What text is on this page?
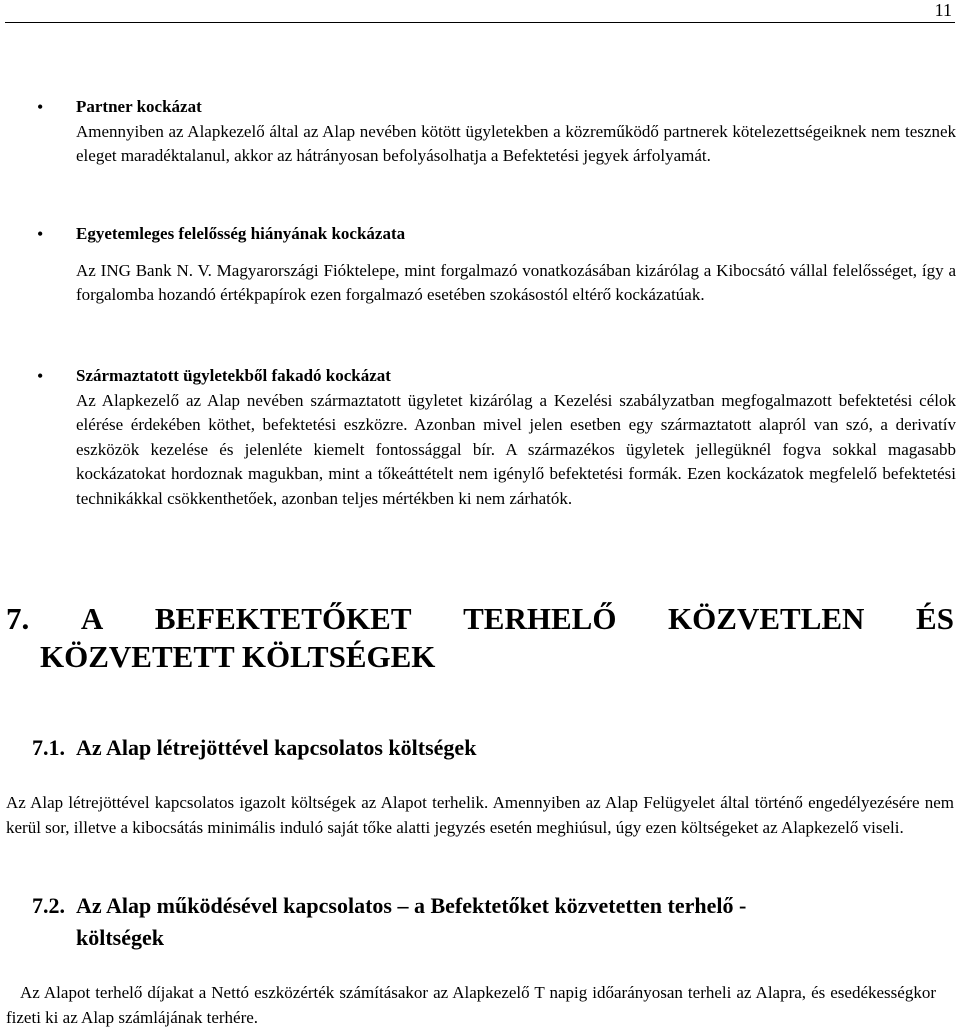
11
• Partner kockázat

Amennyiben az Alapkezelő által az Alap nevében kötött ügyletekben a közreműködő partnerek kötelezettségeiknek nem tesznek eleget maradéktalanul, akkor az hátrányosan befolyásolhatja a Befektetési jegyek árfolyamát.

• Egyetemleges felelősség hiányának kockázata

Az ING Bank N. V. Magyarországi Fióktelepe, mint forgalmazó vonatkozásában kizárólag a Kibocsátó vállal felelősséget, így a forgalomba hozandó értékpapírok ezen forgalmazó esetében szokásostól eltérő kockázatúak.

• Származtatott ügyletekből fakadó kockázat

Az Alapkezelő az Alap nevében származtatott ügyletet kizárólag a Kezelési szabályzatban megfogalmazott befektetési célok elérése érdekében köthet, befektetési eszközre. Azonban mivel jelen esetben egy származtatott alapról van szó, a derivatív eszközök kezelése és jelenléte kiemelt fontossággal bír. A származékos ügyletek jellegüknél fogva sokkal magasabb kockázatokat hordoznak magukban, mint a tőkeáttételt nem igénylő befektetési formák. Ezen kockázatok megfelelő befektetési technikákkal csökkenthetőek, azonban teljes mértékben ki nem zárhatók.

7. A BEFEKTETŐKET TERHELŐ KÖZVETLEN ÉS
KÖZVETETT KÖLTSÉGEK
7.1. Az Alap létrejöttével kapcsolatos költségek

Az Alap létrejöttével kapcsolatos igazolt költségek az Alapot terhelik. Amennyiben az Alap Felügyelet által történő engedélyezésére nem kerül sor, illetve a kibocsátás minimális induló saját tőke alatti jegyzés esetén meghiúsul, úgy ezen költségeket az Alapkezelő viseli.

7.2. Az Alap működésével kapcsolatos – a Befektetőket közvetetten terhelő -
költségek

Az Alapot terhelő díjakat a Nettó eszközérték számításakor az Alapkezelő T napig időarányosan terheli az Alapra, és esedékességkor fizeti ki az Alap számlájának terhére.
